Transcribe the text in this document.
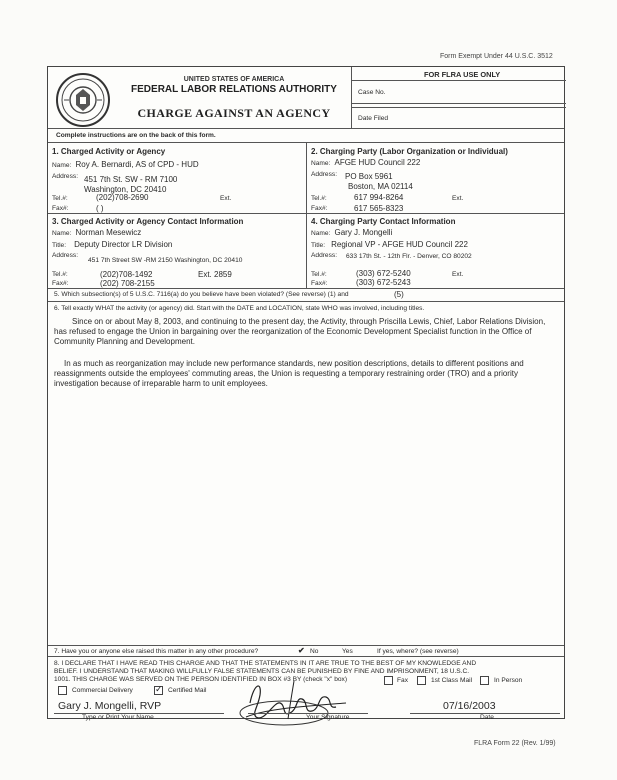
Form Exempt Under 44 U.S.C. 3512
UNITED STATES OF AMERICA
FEDERAL LABOR RELATIONS AUTHORITY
CHARGE AGAINST AN AGENCY
FOR FLRA USE ONLY
Case No.
Date Filed
Complete instructions are on the back of this form.
1. Charged Activity or Agency
Name: Roy A. Bernardi, AS of CPD - HUD
Address: 451 7th St. SW - RM 7100
Washington, DC 20410
Tel.#:	(202)708-2690	Ext.
Fax#:	( )
2. Charging Party (Labor Organization or Individual)
Name: AFGE HUD Council 222
Address: PO Box 5961
Boston, MA 02114
Tel.#:	617 994-8264	Ext.
Fax#:	617 565-8323
3. Charged Activity or Agency Contact Information
Name: Norman Mesewicz
Title: Deputy Director LR Division
Address:
451 7th Street SW -RM 2150 Washington, DC 20410
Tel.#:	(202)708-1492	Ext. 2859
Fax#:	(202) 708-2155
4. Charging Party Contact Information
Name: Gary J. Mongelli
Title: Regional VP - AFGE HUD Council 222
Address: 633 17th St. - 12th Flr. - Denver, CO 80202
Tel.#:	(303) 672-5240	Ext.
Fax#:	(303) 672-5243
5. Which subsection(s) of 5 U.S.C. 7116(a) do you believe have been violated? (See reverse) (1) and	(5)
6. Tell exactly WHAT the activity (or agency) did. Start with the DATE and LOCATION, state WHO was involved, including titles.
Since on or about May 8, 2003, and continuing to the present day, the Activity, through Priscilla Lewis, Chief, Labor Relations Division, has refused to engage the Union in bargaining over the reorganization of the Economic Development Specialist function in the Office of Community Planning and Development.
In as much as reorganization may include new performance standards, new position descriptions, details to different positions and reassignments outside the employees' commuting areas, the Union is requesting a temporary restraining order (TRO) and a priority investigation because of irreparable harm to unit employees.
7. Have you or anyone else raised this matter in any other procedure?	✔ No	Yes	If yes, where? (see reverse)
8. I DECLARE THAT I HAVE READ THIS CHARGE AND THAT THE STATEMENTS IN IT ARE TRUE TO THE BEST OF MY KNOWLEDGE AND
BELIEF. I UNDERSTAND THAT MAKING WILLFULLY FALSE STATEMENTS CAN BE PUNISHED BY FINE AND IMPRISONMENT, 18 U.S.C.
1001. THIS CHARGE WAS SERVED ON THE PERSON IDENTIFIED IN BOX #3 BY (check "x" box)	Fax	1st Class Mail	In Person
Commercial Delivery
✓	Certified Mail
Gary J. Mongelli, RVP
Type or Print Your Name	Your Signature
07/16/2003
Date
FLRA Form 22 (Rev. 1/99)
